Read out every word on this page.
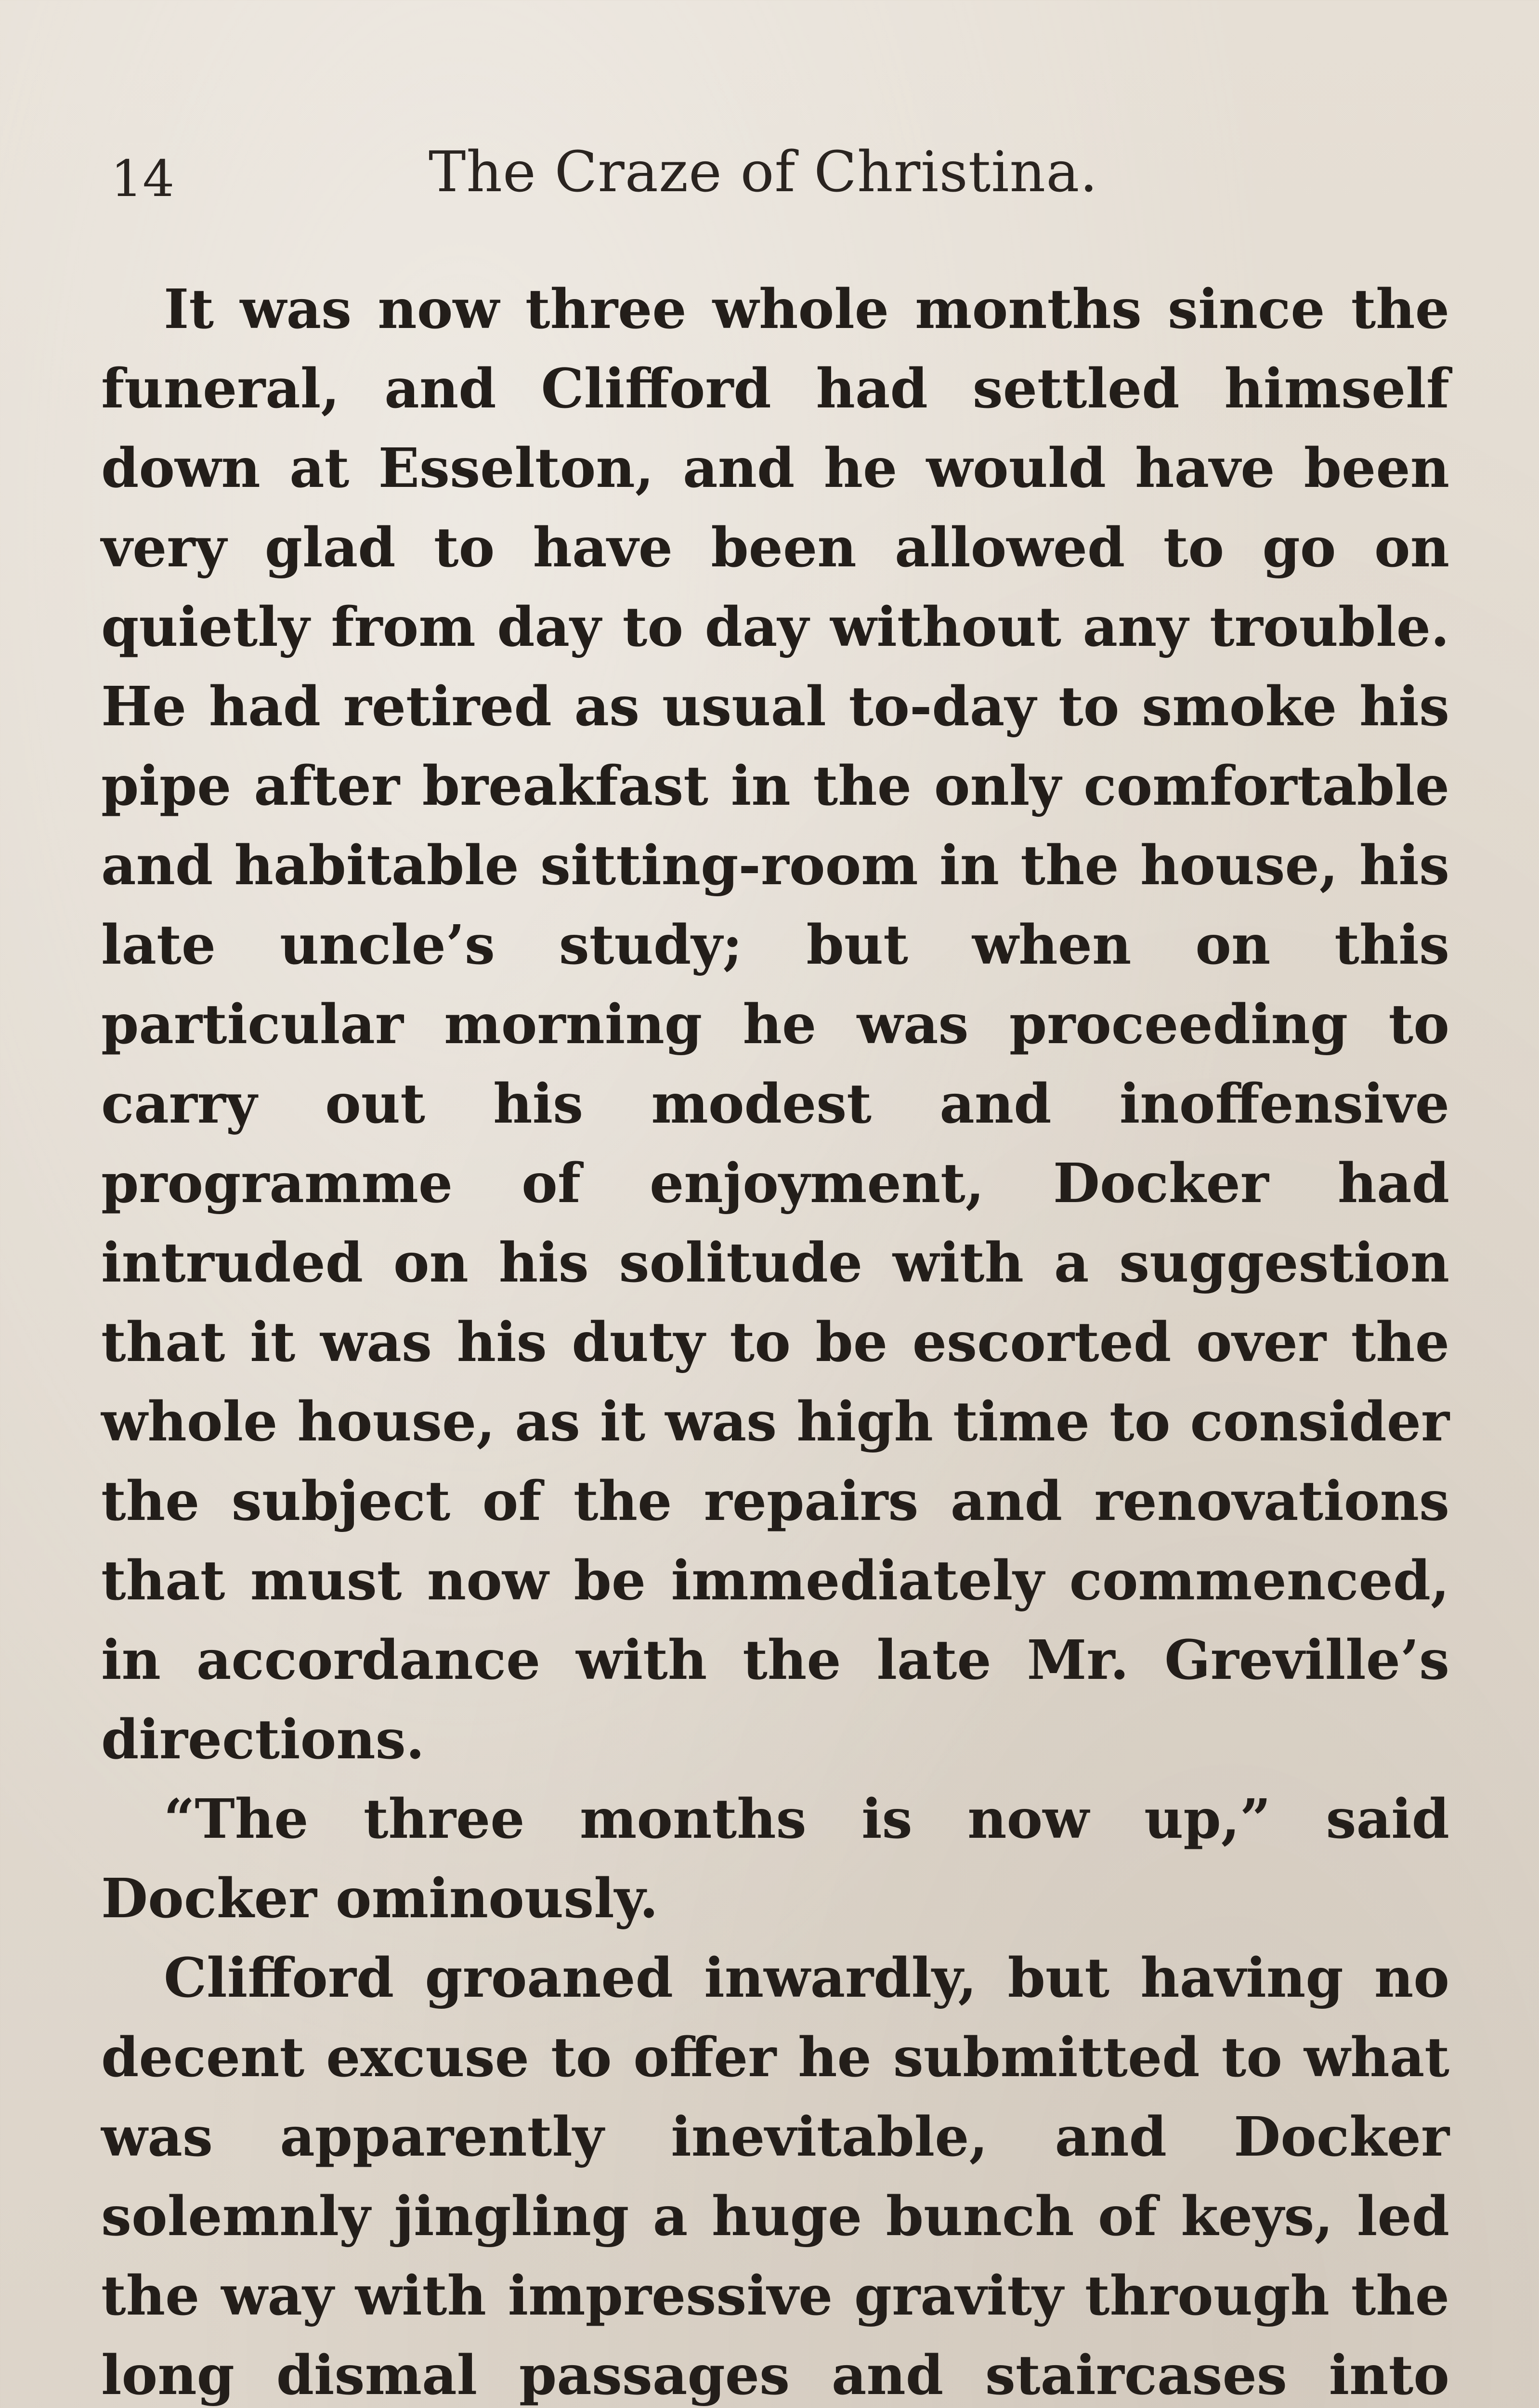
14	The Craze of Christina.

It was now three whole months since the funeral, and Clifford had settled himself down at Esselton, and he would have been very glad to have been allowed to go on quietly from day to day without any trouble. He had retired as usual to-day to smoke his pipe after breakfast in the only comfortable and habitable sitting-room in the house, his late uncle’s study; but when on this particular morning he was proceeding to carry out his modest and inoffensive programme of enjoyment, Docker had intruded on his solitude with a suggestion that it was his duty to be escorted over the whole house, as it was high time to consider the subject of the repairs and renovations that must now be immediately commenced, in accordance with the late Mr. Greville’s directions.

“The three months is now up,” said Docker ominously.

Clifford groaned inwardly, but having no decent excuse to offer he submitted to what was apparently inevitable, and Docker solemnly jingling a huge bunch of keys, led the way with impressive gravity through the long dismal passages and staircases into
